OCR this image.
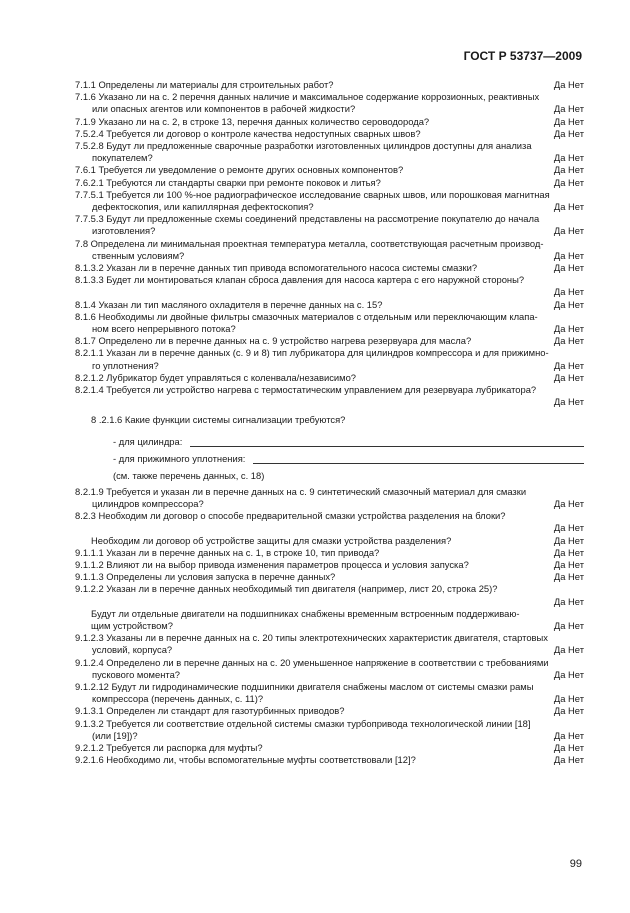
ГОСТ Р 53737—2009
7.1.1 Определены ли материалы для строительных работ?	Да Нет
7.1.6 Указано ли на с. 2 перечня данных наличие и максимальное содержание коррозионных, реактивных
или опасных агентов или компонентов в рабочей жидкости?	Да Нет
7.1.9 Указано ли на с. 2, в строке 13, перечня данных количество сероводорода?	Да Нет
7.5.2.4 Требуется ли договор о контроле качества недоступных сварных швов?	Да Нет
7.5.2.8 Будут ли предложенные сварочные разработки изготовленных цилиндров доступны для анализа
покупателем?	Да Нет
7.6.1 Требуется ли уведомление о ремонте других основных компонентов?	Да Нет
7.6.2.1 Требуются ли стандарты сварки при ремонте поковок и литья?	Да Нет
7.7.5.1 Требуется ли 100 %-ное радиографическое исследование сварных швов, или порошковая магнитная
дефектоскопия, или капиллярная дефектоскопия?	Да Нет
7.7.5.3 Будут ли предложенные схемы соединений представлены на рассмотрение покупателю до начала
изготовления?	Да Нет
7.8 Определена ли минимальная проектная температура металла, соответствующая расчетным производ-
ственным условиям?	Да Нет
8.1.3.2 Указан ли в перечне данных тип привода вспомогательного насоса системы смазки?	Да Нет
8.1.3.3 Будет ли монтироваться клапан сброса давления для насоса картера с его наружной стороны?
Да Нет
8.1.4 Указан ли тип масляного охладителя в перечне данных на с. 15?	Да Нет
8.1.6 Необходимы ли двойные фильтры смазочных материалов с отдельным или переключающим клапа-
ном всего непрерывного потока?	Да Нет
8.1.7 Определено ли в перечне данных на с. 9 устройство нагрева резервуара для масла?	Да Нет
8.2.1.1 Указан ли в перечне данных (с. 9 и 8) тип лубрикатора для цилиндров компрессора и для прижимно-
го уплотнения?	Да Нет
8.2.1.2 Лубрикатор будет управляться с коленвала/независимо?	Да Нет
8.2.1.4 Требуется ли устройство нагрева с термостатическим управлением для резервуара лубрикатора?
Да Нет
8 .2.1.6 Какие функции системы сигнализации требуются?
- для цилиндра:
- для прижимного уплотнения:
(см. также перечень данных, с. 18)
8.2.1.9 Требуется и указан ли в перечне данных на с. 9 синтетический смазочный материал для смазки
цилиндров компрессора?	Да Нет
8.2.3 Необходим ли договор о способе предварительной смазки устройства разделения на блоки?
Да Нет
Необходим ли договор об устройстве защиты для смазки устройства разделения?	Да Нет
9.1.1.1 Указан ли в перечне данных на с. 1, в строке 10, тип привода?	Да Нет
9.1.1.2 Влияют ли на выбор привода изменения параметров процесса и условия запуска?	Да Нет
9.1.1.3 Определены ли условия запуска в перечне данных?	Да Нет
9.1.2.2 Указан ли в перечне данных необходимый тип двигателя (например, лист 20, строка 25)?
Да Нет
Будут ли отдельные двигатели на подшипниках снабжены временным встроенным поддерживаю-
щим устройством?	Да Нет
9.1.2.3 Указаны ли в перечне данных на с. 20 типы электротехнических характеристик двигателя, стартовых
условий, корпуса?	Да Нет
9.1.2.4 Определено ли в перечне данных на с. 20 уменьшенное напряжение в соответствии с требованиями
пускового момента?	Да Нет
9.1.2.12 Будут ли гидродинамические подшипники двигателя снабжены маслом от системы смазки рамы
компрессора (перечень данных, с. 11)?	Да Нет
9.1.3.1 Определен ли стандарт для газотурбинных приводов?	Да Нет
9.1.3.2 Требуется ли соответствие отдельной системы смазки турбопривода технологической линии [18]
(или [19])?	Да Нет
9.2.1.2 Требуется ли распорка для муфты?	Да Нет
9.2.1.6 Необходимо ли, чтобы вспомогательные муфты соответствовали [12]?	Да Нет
99
